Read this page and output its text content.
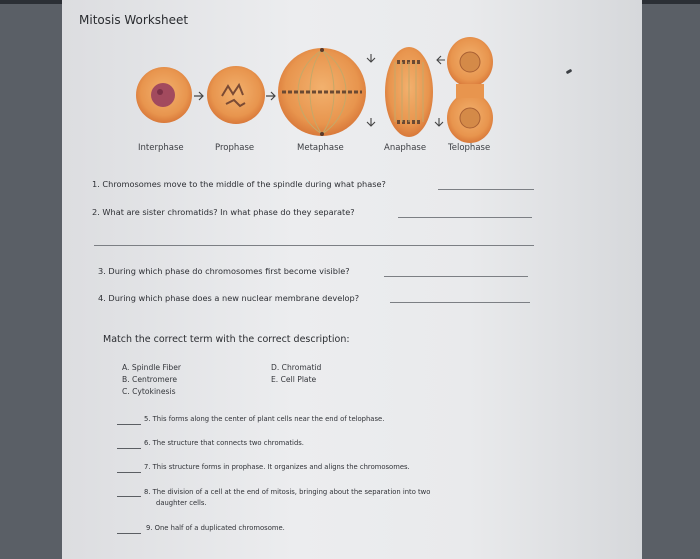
Mitosis Worksheet
Interphase	Prophase	Metaphase	Anaphase	Telophase
1. Chromosomes move to the middle of the spindle during what phase?
2. What are sister chromatids? In what phase do they separate?
3. During which phase do chromosomes first become visible?
4. During which phase does a new nuclear membrane develop?
Match the correct term with the correct description:
A. Spindle Fiber
B. Centromere
C. Cytokinesis
D. Chromatid
E. Cell Plate
5. This forms along the center of plant cells near the end of telophase.
6. The structure that connects two chromatids.
7. This structure forms in prophase. It organizes and aligns the chromosomes.
8. The division of a cell at the end of mitosis, bringing about the separation into two
daughter cells.
9. One half of a duplicated chromosome.
